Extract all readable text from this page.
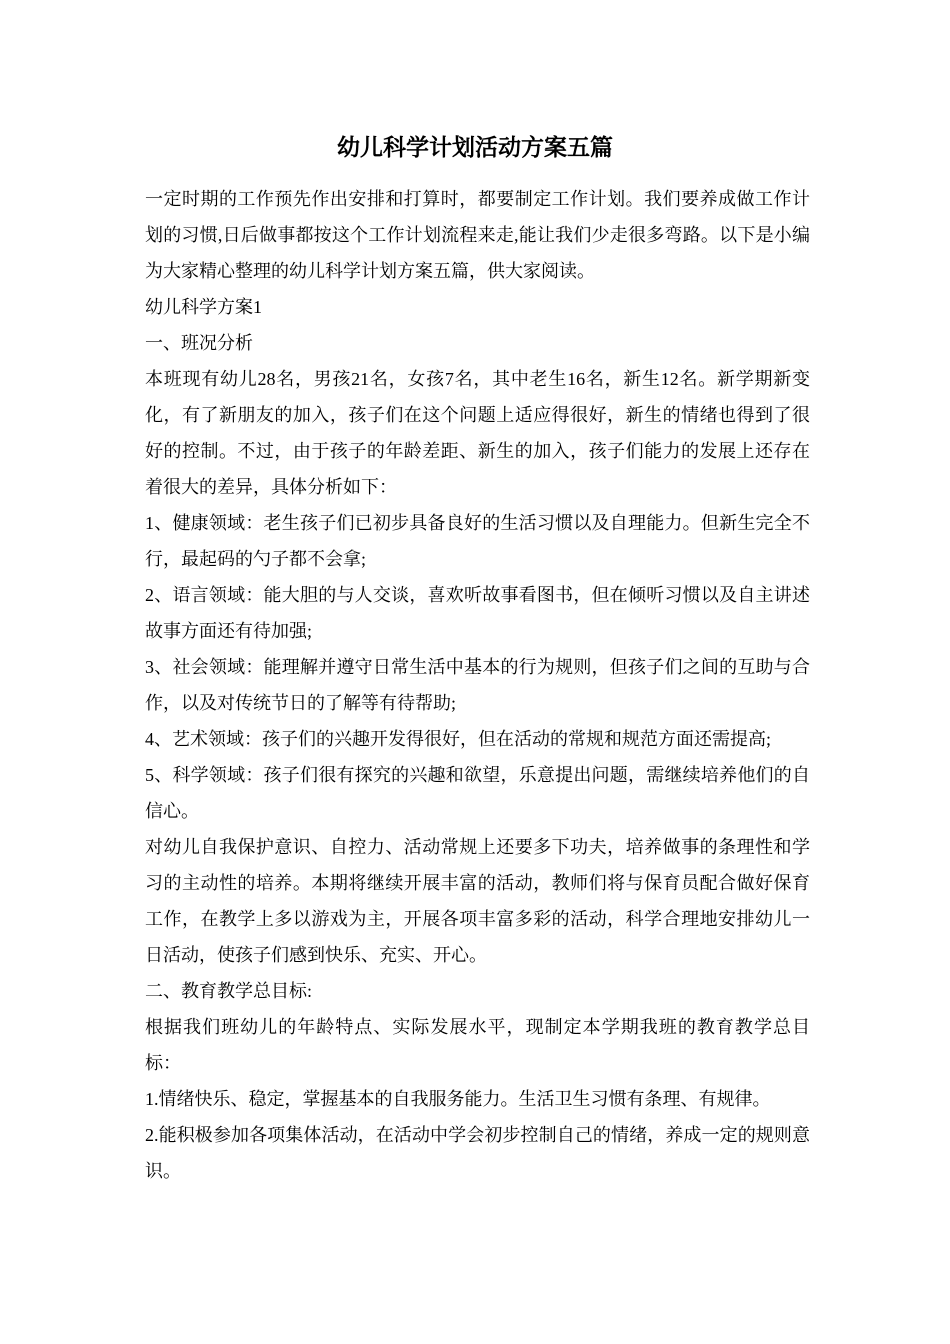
幼儿科学计划活动方案五篇

一定时期的工作预先作出安排和打算时，都要制定工作计划。我们要养成做工作计划的习惯,日后做事都按这个工作计划流程来走,能让我们少走很多弯路。以下是小编为大家精心整理的幼儿科学计划方案五篇，供大家阅读。

幼儿科学方案1

一、班况分析

本班现有幼儿28名，男孩21名，女孩7名，其中老生16名，新生12名。新学期新变化，有了新朋友的加入，孩子们在这个问题上适应得很好，新生的情绪也得到了很好的控制。不过，由于孩子的年龄差距、新生的加入，孩子们能力的发展上还存在着很大的差异，具体分析如下：

1、健康领域：老生孩子们已初步具备良好的生活习惯以及自理能力。但新生完全不行，最起码的勺子都不会拿;

2、语言领域：能大胆的与人交谈，喜欢听故事看图书，但在倾听习惯以及自主讲述故事方面还有待加强;

3、社会领域：能理解并遵守日常生活中基本的行为规则，但孩子们之间的互助与合作，以及对传统节日的了解等有待帮助;

4、艺术领域：孩子们的兴趣开发得很好，但在活动的常规和规范方面还需提高;

5、科学领域：孩子们很有探究的兴趣和欲望，乐意提出问题，需继续培养他们的自信心。

对幼儿自我保护意识、自控力、活动常规上还要多下功夫，培养做事的条理性和学习的主动性的培养。本期将继续开展丰富的活动，教师们将与保育员配合做好保育工作，在教学上多以游戏为主，开展各项丰富多彩的活动，科学合理地安排幼儿一日活动，使孩子们感到快乐、充实、开心。

二、教育教学总目标:

根据我们班幼儿的年龄特点、实际发展水平，现制定本学期我班的教育教学总目标：

1.情绪快乐、稳定，掌握基本的自我服务能力。生活卫生习惯有条理、有规律。

2.能积极参加各项集体活动，在活动中学会初步控制自己的情绪，养成一定的规则意识。
